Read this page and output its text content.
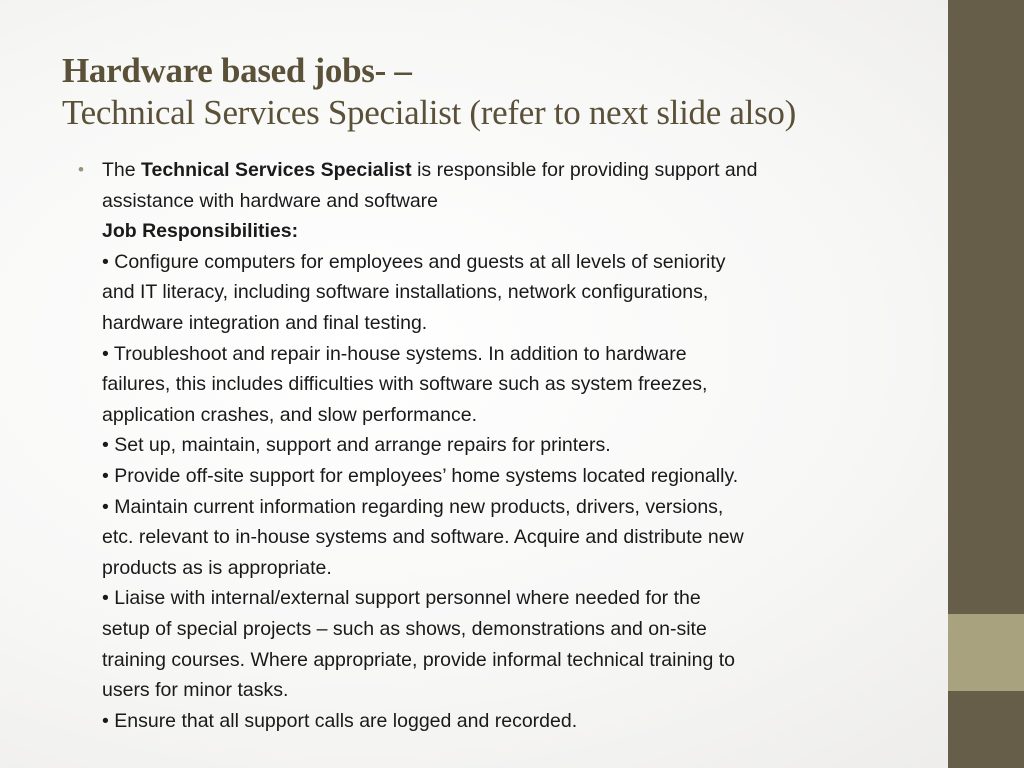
Hardware based jobs- –
Technical Services Specialist (refer to next slide also)
• The Technical Services Specialist is responsible for providing support and
assistance with hardware and software
Job Responsibilities:
• Configure computers for employees and guests at all levels of seniority
and IT literacy, including software installations, network configurations,
hardware integration and final testing.
• Troubleshoot and repair in-house systems. In addition to hardware
failures, this includes difficulties with software such as system freezes,
application crashes, and slow performance.
• Set up, maintain, support and arrange repairs for printers.
• Provide off-site support for employees’ home systems located regionally.
• Maintain current information regarding new products, drivers, versions,
etc. relevant to in-house systems and software. Acquire and distribute new
products as is appropriate.
• Liaise with internal/external support personnel where needed for the
setup of special projects – such as shows, demonstrations and on-site
training courses. Where appropriate, provide informal technical training to
users for minor tasks.
• Ensure that all support calls are logged and recorded.
